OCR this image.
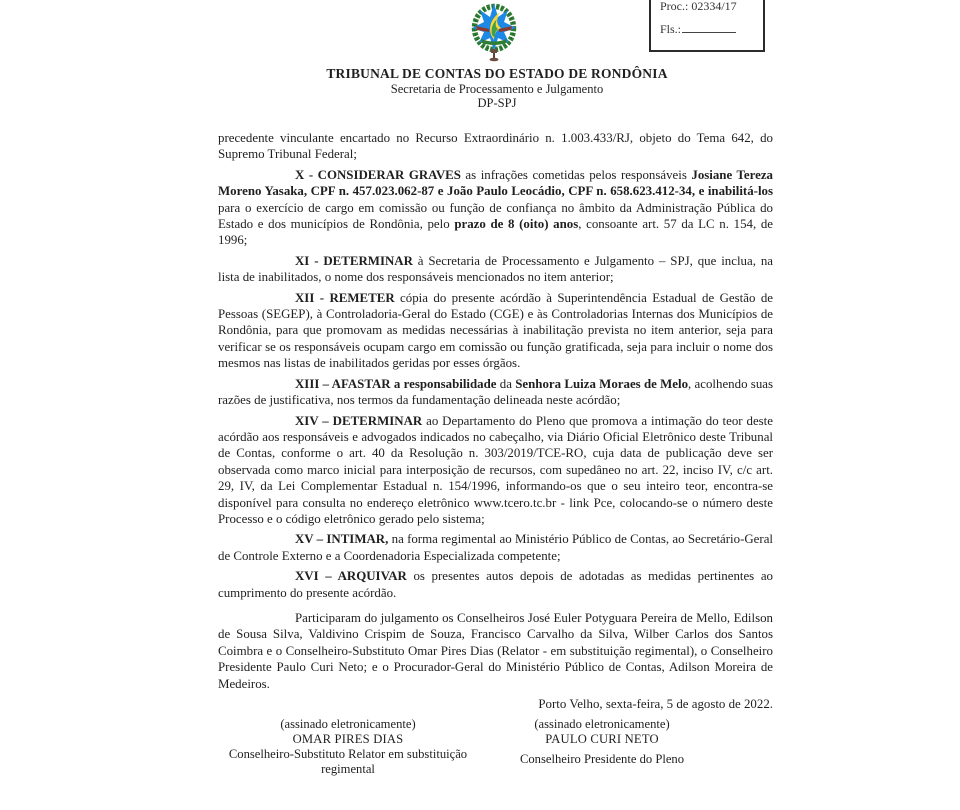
Proc.: 02334/17
Fls.:

TRIBUNAL DE CONTAS DO ESTADO DE RONDÔNIA

Secretaria de Processamento e Julgamento

DP-SPJ

precedente vinculante encartado no Recurso Extraordinário n. 1.003.433/RJ, objeto do Tema 642, do Supremo Tribunal Federal;

X - CONSIDERAR GRAVES as infrações cometidas pelos responsáveis Josiane Tereza Moreno Yasaka, CPF n. 457.023.062-87 e João Paulo Leocádio, CPF n. 658.623.412-34, e inabilitá-los para o exercício de cargo em comissão ou função de confiança no âmbito da Administração Pública do Estado e dos municípios de Rondônia, pelo prazo de 8 (oito) anos, consoante art. 57 da LC n. 154, de 1996;

XI - DETERMINAR à Secretaria de Processamento e Julgamento – SPJ, que inclua, na lista de inabilitados, o nome dos responsáveis mencionados no item anterior;

XII - REMETER cópia do presente acórdão à Superintendência Estadual de Gestão de Pessoas (SEGEP), à Controladoria-Geral do Estado (CGE) e às Controladorias Internas dos Municípios de Rondônia, para que promovam as medidas necessárias à inabilitação prevista no item anterior, seja para verificar se os responsáveis ocupam cargo em comissão ou função gratificada, seja para incluir o nome dos mesmos nas listas de inabilitados geridas por esses órgãos.

XIII – AFASTAR a responsabilidade da Senhora Luiza Moraes de Melo, acolhendo suas razões de justificativa, nos termos da fundamentação delineada neste acórdão;

XIV – DETERMINAR ao Departamento do Pleno que promova a intimação do teor deste acórdão aos responsáveis e advogados indicados no cabeçalho, via Diário Oficial Eletrônico deste Tribunal de Contas, conforme o art. 40 da Resolução n. 303/2019/TCE-RO, cuja data de publicação deve ser observada como marco inicial para interposição de recursos, com supedâneo no art. 22, inciso IV, c/c art. 29, IV, da Lei Complementar Estadual n. 154/1996, informando-os que o seu inteiro teor, encontra-se disponível para consulta no endereço eletrônico www.tcero.tc.br - link Pce, colocando-se o número deste Processo e o código eletrônico gerado pelo sistema;

XV – INTIMAR, na forma regimental ao Ministério Público de Contas, ao Secretário-Geral de Controle Externo e a Coordenadoria Especializada competente;

XVI – ARQUIVAR os presentes autos depois de adotadas as medidas pertinentes ao cumprimento do presente acórdão.

Participaram do julgamento os Conselheiros José Euler Potyguara Pereira de Mello, Edilson de Sousa Silva, Valdivino Crispim de Souza, Francisco Carvalho da Silva, Wilber Carlos dos Santos Coimbra e o Conselheiro-Substituto Omar Pires Dias (Relator - em substituição regimental), o Conselheiro Presidente Paulo Curi Neto; e o Procurador-Geral do Ministério Público de Contas, Adilson Moreira de Medeiros.

Porto Velho, sexta-feira, 5 de agosto de 2022.
(assinado eletronicamente)
OMAR PIRES DIAS
Conselheiro-Substituto Relator em substituição regimental
(assinado eletronicamente)
PAULO CURI NETO
Conselheiro Presidente do Pleno
